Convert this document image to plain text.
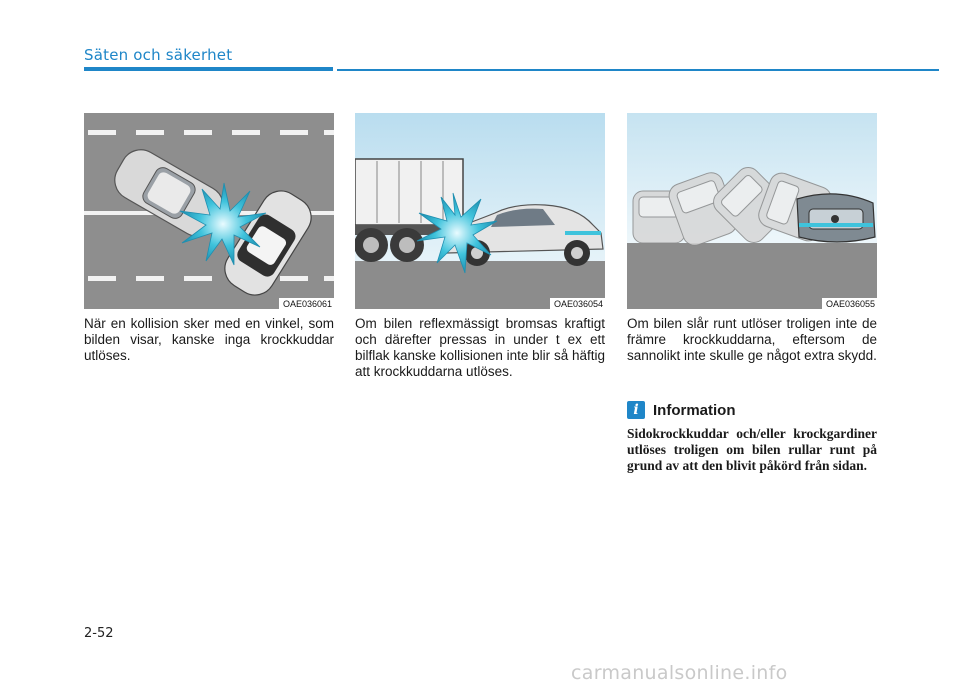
Säten och säkerhet
OAE036061	OAE036054	OAE036055
När en kollision sker med en vinkel, som bilden visar, kanske inga krockkuddar utlöses.
Om bilen reflexmässigt bromsas kraftigt och därefter pressas in under t ex ett bilflak kanske kollisionen inte blir så häftig att krockkuddarna utlöses.
Om bilen slår runt utlöser troligen inte de främre krockkuddarna, eftersom de sannolikt inte skulle ge något extra skydd.
i Information
Sidokrockkuddar och/eller krockgardiner utlöses troligen om bilen rullar runt på grund av att den blivit påkörd från sidan.
2-52
carmanualsonline.info
